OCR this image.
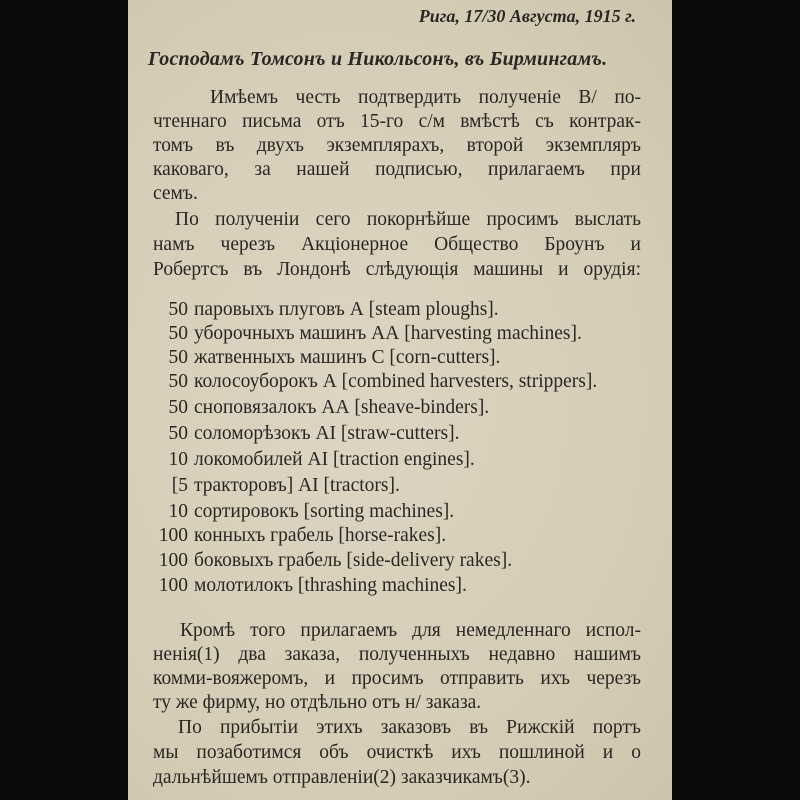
Рига, 17/30 Августа, 1915 г.
Господамъ Томсонъ и Никольсонъ, въ Бирмингамъ.
Имѣемъ честь подтвердить полученіе В/ по-
чтеннаго письма отъ 15-го с/м вмѣстѣ съ контрак-
томъ въ двухъ экземплярахъ, второй экземпляръ
каковаго, за нашей подписью, прилагаемъ при
семъ.
По полученіи сего покорнѣйше просимъ выслать
намъ черезъ Акціонерное Общество Броунъ и
Робертсъ въ Лондонѣ слѣдующія машины и орудія:
50 паровыхъ плуговъ А [steam ploughs].
50 уборочныхъ машинъ АА [harvesting machines].
50 жатвенныхъ машинъ С [corn-cutters].
50 колосоуборокъ А [combined harvesters, strippers].
50 сноповязалокъ АА [sheave-binders].
50 соломорѣзокъ АI [straw-cutters].
10 локомобилей АI [traction engines].
[5 тракторовъ] АI [tractors].
10 сортировокъ [sorting machines].
100 конныхъ грабель [horse-rakes].
100 боковыхъ грабель [side-delivery rakes].
100 молотилокъ [thrashing machines].
Кромѣ того прилагаемъ для немедленнаго испол-
ненія(1) два заказа, полученныхъ недавно нашимъ
комми-вояжеромъ, и просимъ отправить ихъ черезъ
ту же фирму, но отдѣльно отъ н/ заказа.
По прибытіи этихъ заказовъ въ Рижскій портъ
мы позаботимся объ очисткѣ ихъ пошлиной и о
дальнѣйшемъ отправленіи(2) заказчикамъ(3).
